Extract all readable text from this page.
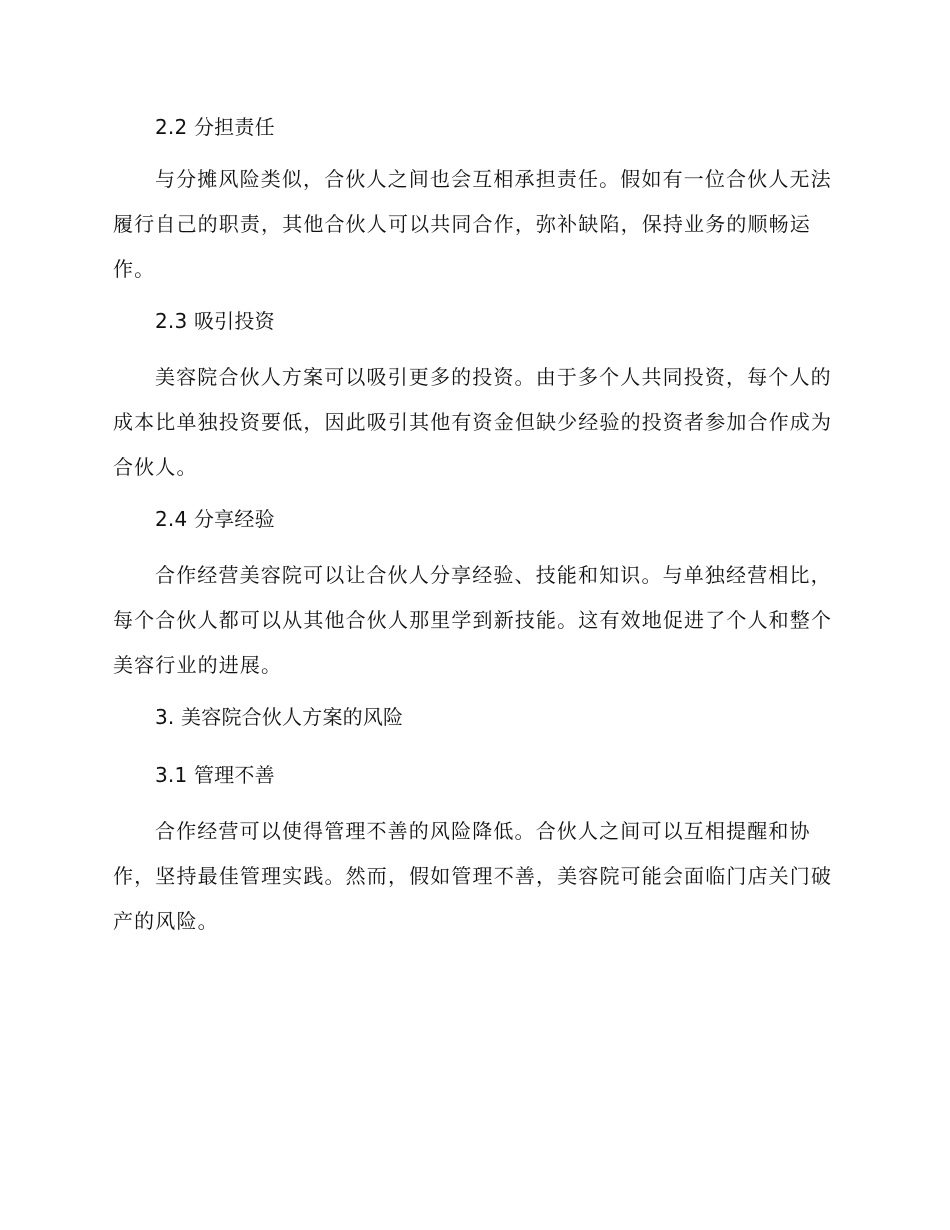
2.2 分担责任

与分摊风险类似，合伙人之间也会互相承担责任。假如有一位合伙人无法履行自己的职责，其他合伙人可以共同合作，弥补缺陷，保持业务的顺畅运作。

2.3 吸引投资

美容院合伙人方案可以吸引更多的投资。由于多个人共同投资，每个人的成本比单独投资要低，因此吸引其他有资金但缺少经验的投资者参加合作成为合伙人。

2.4 分享经验

合作经营美容院可以让合伙人分享经验、技能和知识。与单独经营相比，每个合伙人都可以从其他合伙人那里学到新技能。这有效地促进了个人和整个美容行业的进展。

3. 美容院合伙人方案的风险
3.1 管理不善

合作经营可以使得管理不善的风险降低。合伙人之间可以互相提醒和协作，坚持最佳管理实践。然而，假如管理不善，美容院可能会面临门店关门破产的风险。
